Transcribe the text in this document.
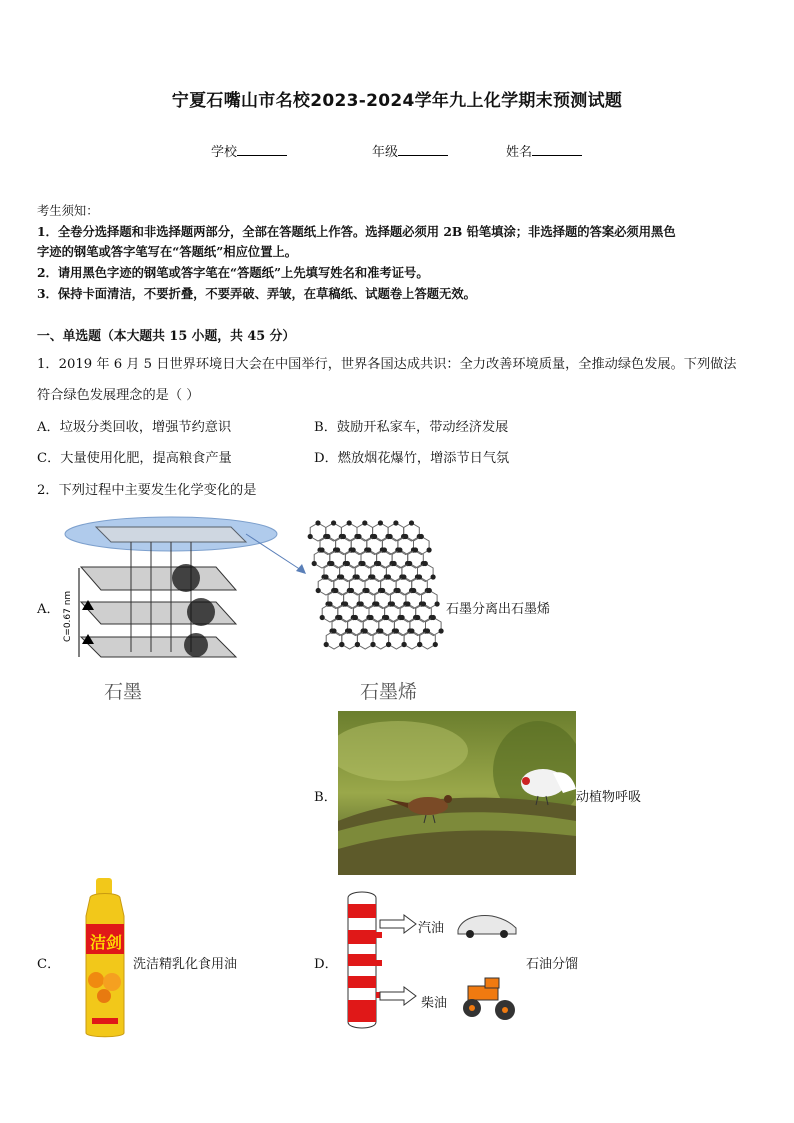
宁夏石嘴山市名校2023-2024学年九上化学期末预测试题
学校	年级	姓名
考生须知：
1．全卷分选择题和非选择题两部分，全部在答题纸上作答。选择题必须用 2B 铅笔填涂；非选择题的答案必须用黑色
字迹的钢笔或答字笔写在“答题纸”相应位置上。
2．请用黑色字迹的钢笔或答字笔在“答题纸”上先填写姓名和准考证号。
3．保持卡面清洁，不要折叠，不要弄破、弄皱，在草稿纸、试题卷上答题无效。
一、单选题（本大题共 15 小题，共 45 分）
1．2019 年 6 月 5 日世界环境日大会在中国举行，世界各国达成共识：全力改善环境质量，全推动绿色发展。下列做法
符合绿色发展理念的是（ ）
A．垃圾分类回收，增强节约意识	B．鼓励开私家车，带动经济发展
C．大量使用化肥，提高粮食产量	D．燃放烟花爆竹，增添节日气氛
2．下列过程中主要发生化学变化的是
A． C=0.67 nm
石墨	石墨烯
石墨分离出石墨烯
B．	动植物呼吸
C．
洁剑
洗洁精乳化食用油	D．
汽油
柴油
石油分馏
